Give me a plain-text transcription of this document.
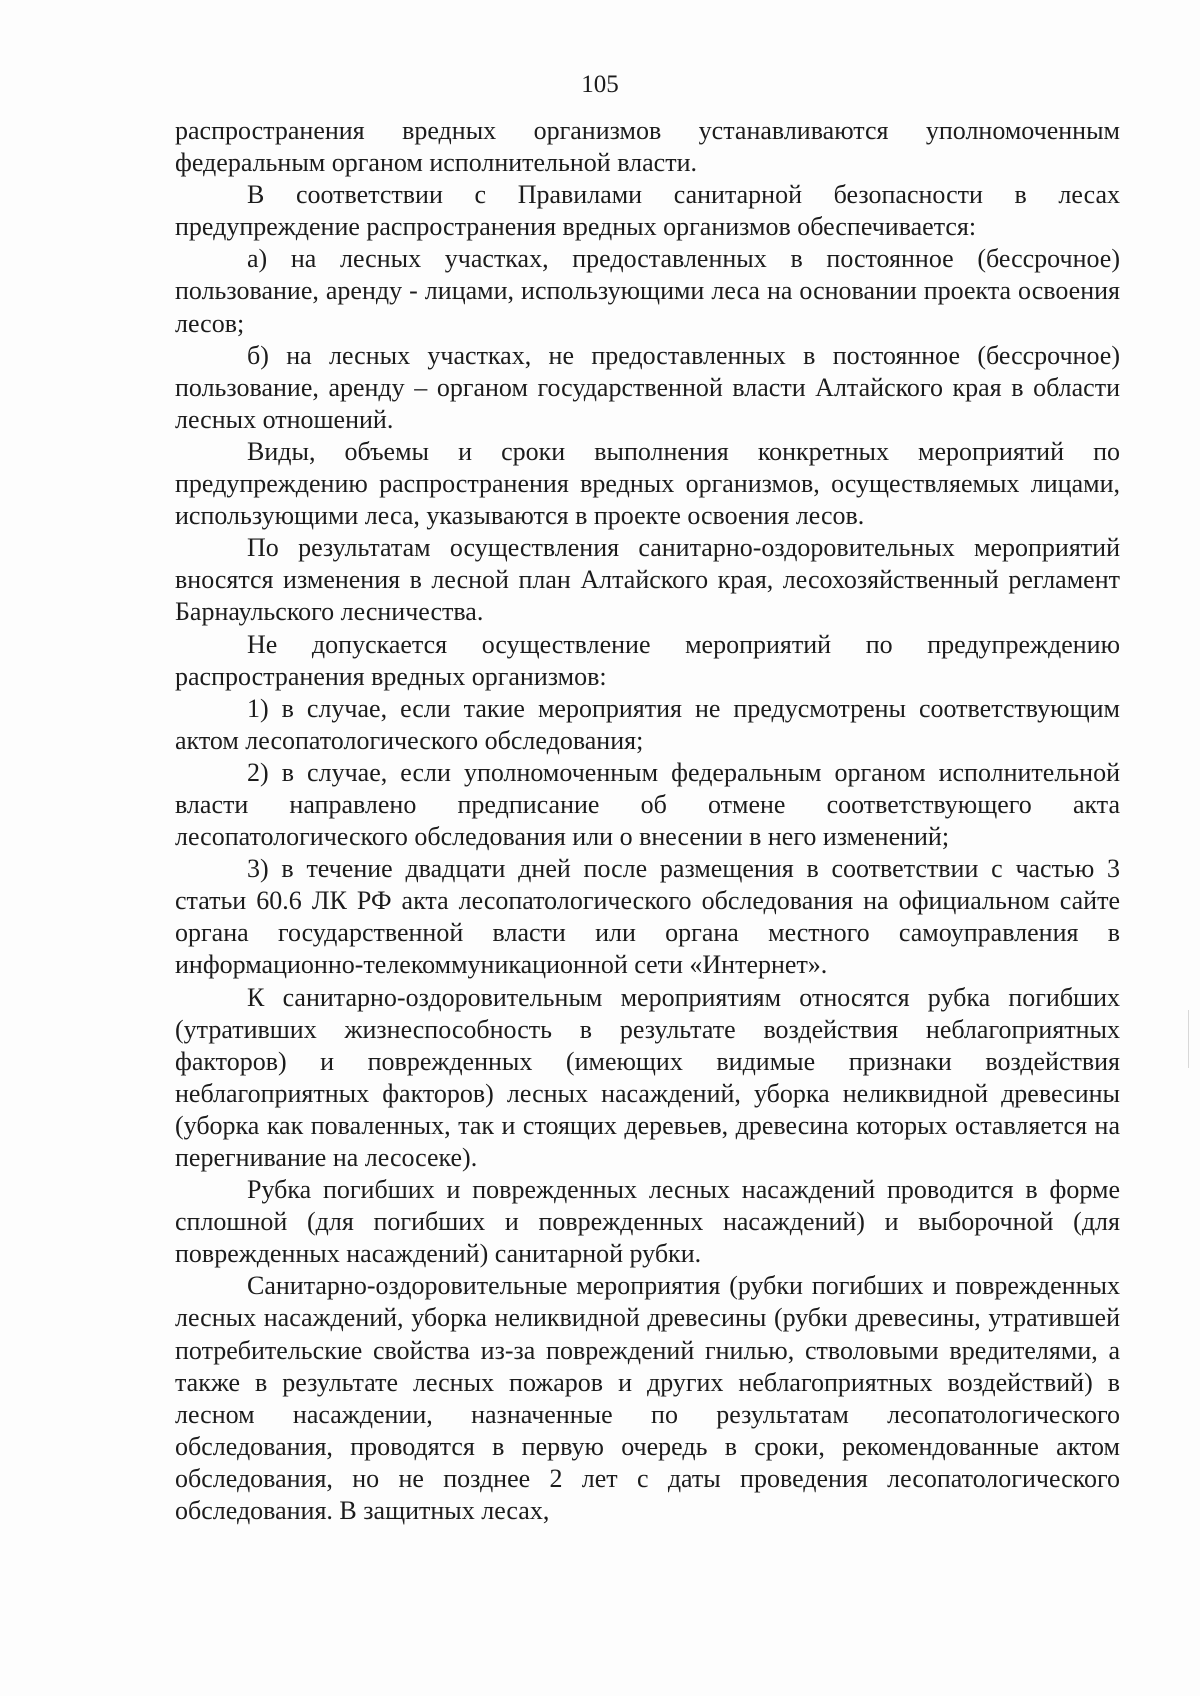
105

распространения вредных организмов устанавливаются уполномоченным федеральным органом исполнительной власти.

В соответствии с Правилами санитарной безопасности в лесах предупреждение распространения вредных организмов обеспечивается:

а) на лесных участках, предоставленных в постоянное (бессрочное) пользование, аренду - лицами, использующими леса на основании проекта освоения лесов;

б) на лесных участках, не предоставленных в постоянное (бессрочное) пользование, аренду – органом государственной власти Алтайского края в области лесных отношений.

Виды, объемы и сроки выполнения конкретных мероприятий по предупреждению распространения вредных организмов, осуществляемых лицами, использующими леса, указываются в проекте освоения лесов.

По результатам осуществления санитарно-оздоровительных мероприятий вносятся изменения в лесной план Алтайского края, лесохозяйственный регламент Барнаульского лесничества.

Не допускается осуществление мероприятий по предупреждению распространения вредных организмов:

1) в случае, если такие мероприятия не предусмотрены соответствующим актом лесопатологического обследования;

2) в случае, если уполномоченным федеральным органом исполнительной власти направлено предписание об отмене соответствующего акта лесопатологического обследования или о внесении в него изменений;

3) в течение двадцати дней после размещения в соответствии с частью 3 статьи 60.6 ЛК РФ акта лесопатологического обследования на официальном сайте органа государственной власти или органа местного самоуправления в информационно-телекоммуникационной сети «Интернет».

К санитарно-оздоровительным мероприятиям относятся рубка погибших (утративших жизнеспособность в результате воздействия неблагоприятных факторов) и поврежденных (имеющих видимые признаки воздействия неблагоприятных факторов) лесных насаждений, уборка неликвидной древесины (уборка как поваленных, так и стоящих деревьев, древесина которых оставляется на перегнивание на лесосеке).

Рубка погибших и поврежденных лесных насаждений проводится в форме сплошной (для погибших и поврежденных насаждений) и выборочной (для поврежденных насаждений) санитарной рубки.

Санитарно-оздоровительные мероприятия (рубки погибших и поврежденных лесных насаждений, уборка неликвидной древесины (рубки древесины, утратившей потребительские свойства из-за повреждений гнилью, стволовыми вредителями, а также в результате лесных пожаров и других неблагоприятных воздействий) в лесном насаждении, назначенные по результатам лесопатологического обследования, проводятся в первую очередь в сроки, рекомендованные актом обследования, но не позднее 2 лет с даты проведения лесопатологического обследования. В защитных лесах,
